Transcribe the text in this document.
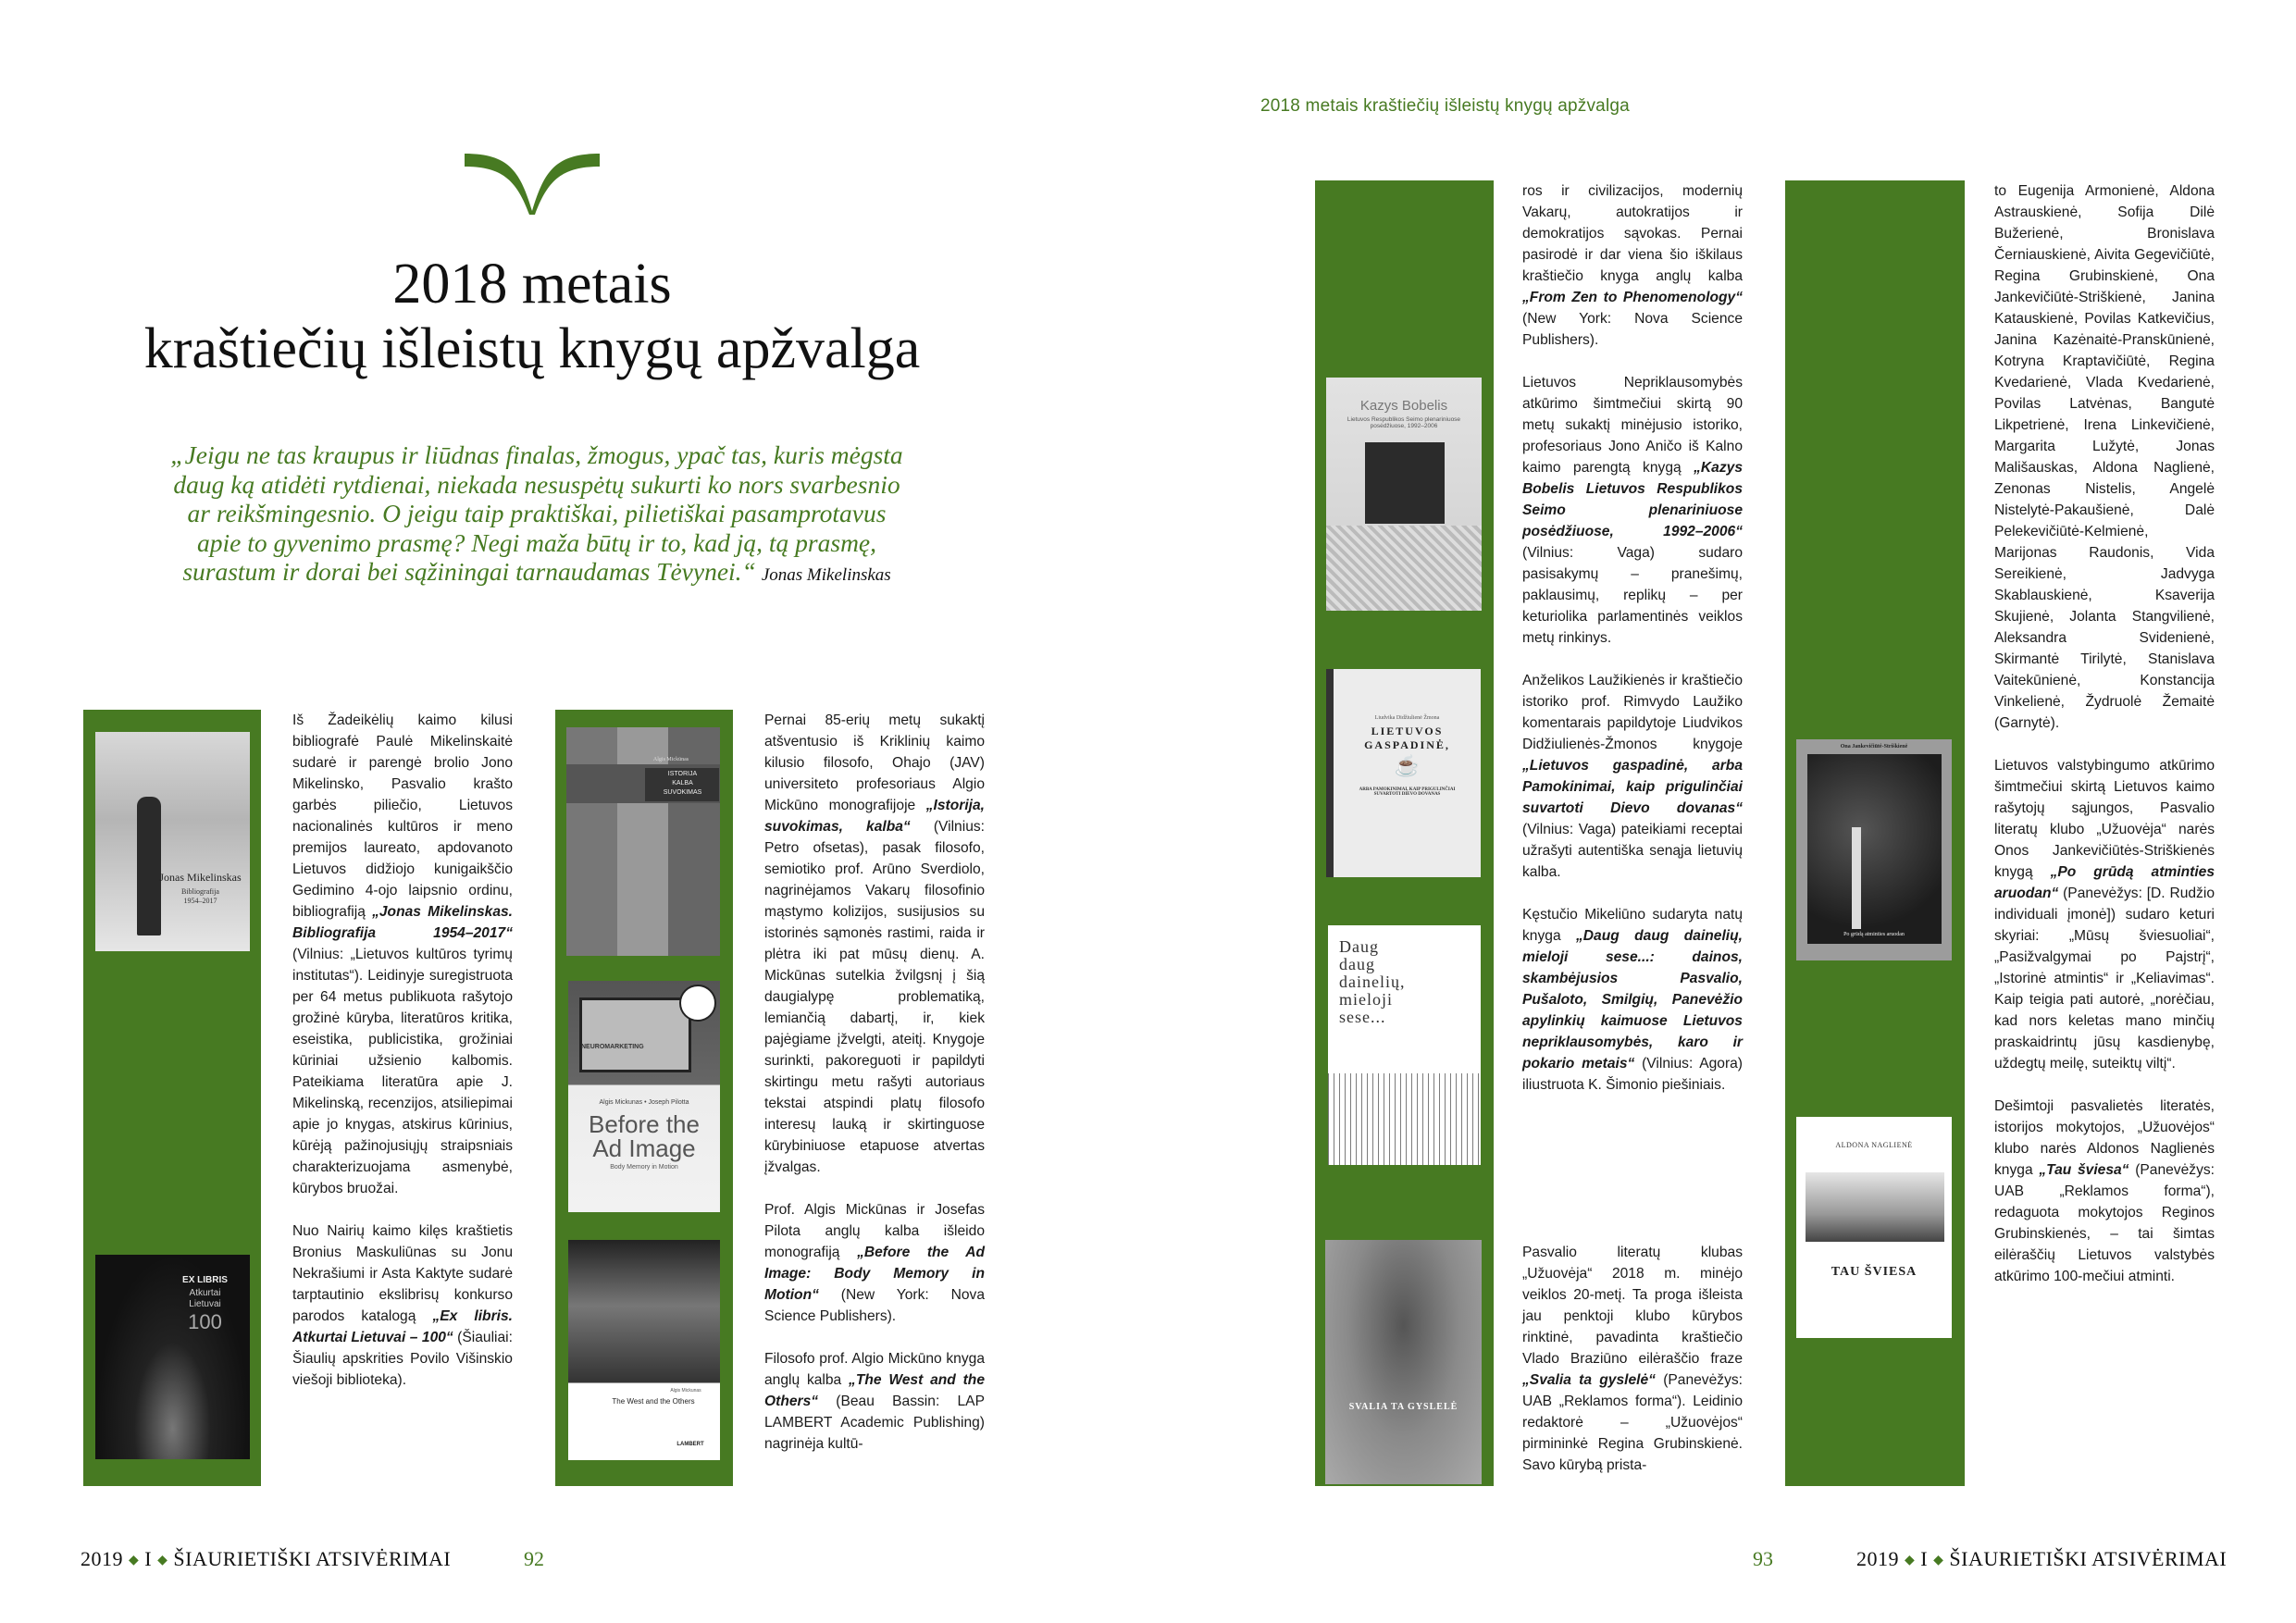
2018 metais
kraštiečių išleistų knygų apžvalga
„Jeigu ne tas kraupus ir liūdnas finalas, žmogus, ypač tas, kuris mėgsta daug ką atidėti rytdienai, niekada nesuspėtų sukurti ko nors svarbesnio ar reikšmingesnio. O jeigu taip praktiškai, pilietiškai pasamprotavus apie to gyvenimo prasmę? Negi maža būtų ir to, kad ją, tą prasmę, surastum ir dorai bei sąžiningai tarnaudamas Tėvynei.“ Jonas Mikelinskas
Jonas Mikelinskas
Bibliografija
1954–2017
EX LIBRIS
Atkurtai
Lietuvai
100
Algis Mickūnas
ISTORIJA
KALBA
SUVOKIMAS
NEUROMARKETING
Algis Mickunas • Joseph Pilotta
Before the
Ad Image
Body Memory in Motion
Algis Mickunas
The West and the Others
LAMBERT

Iš Žadeikėlių kaimo kilusi bibliografė Paulė Mikelinskaitė sudarė ir parengė brolio Jono Mikelinsko, Pasvalio krašto garbės piliečio, Lietuvos nacionalinės kultūros ir meno premijos laureato, apdovanoto Lietuvos didžiojo kunigaikščio Gedimino 4-ojo laipsnio ordinu, bibliografiją „Jonas Mikelinskas. Bibliografija 1954–2017“ (Vilnius: „Lietuvos kultūros tyrimų institutas“). Leidinyje suregistruota per 64 metus publikuota rašytojo grožinė kūryba, literatūros kritika, eseistika, publicistika, grožiniai kūriniai užsienio kalbomis. Pateikiama literatūra apie J. Mikelinską, recenzijos, atsiliepimai apie jo knygas, atskirus kūrinius, kūrėją pažinojusiųjų straipsniais charakterizuojama asmenybė, kūrybos bruožai.

Nuo Nairių kaimo kilęs kraštietis Bronius Maskuliūnas su Jonu Nekrašiumi ir Asta Kaktyte sudarė tarptautinio ekslibrisų konkurso parodos katalogą „Ex libris. Atkurtai Lietuvai – 100“ (Šiauliai: Šiaulių apskrities Povilo Višinskio viešoji biblioteka).

Pernai 85-erių metų sukaktį atšventusio iš Kriklinių kaimo kilusio filosofo, Ohajo (JAV) universiteto profesoriaus Algio Mickūno monografijoje „Istorija, suvokimas, kalba“ (Vilnius: Petro ofsetas), pasak filosofo, semiotiko prof. Arūno Sverdiolo, nagrinėjamos Vakarų filosofinio mąstymo kolizijos, susijusios su istorinės sąmonės rastimi, raida ir plėtra iki pat mūsų dienų. A. Mickūnas sutelkia žvilgsnį į šią daugialypę problematiką, lemiančią dabartį, ir, kiek pajėgiame įžvelgti, ateitį. Knygoje surinkti, pakoreguoti ir papildyti skirtingu metu rašyti autoriaus tekstai atspindi platų filosofo interesų lauką ir skirtinguose kūrybiniuose etapuose atvertas įžvalgas.

Prof. Algis Mickūnas ir Josefas Pilota anglų kalba išleido monografiją „Before the Ad Image: Body Memory in Motion“ (New York: Nova Science Publishers).

Filosofo prof. Algio Mickūno knyga anglų kalba „The West and the Others“ (Beau Bassin: LAP LAMBERT Academic Publishing) nagrinėja kultū-

2019 ◆ I ◆ ŠIAURIETIŠKI ATSIVĖRIMAI	92
2018 metais kraštiečių išleistų knygų apžvalga
Kazys Bobelis
Lietuvos Respublikos Seimo plenariniuose posėdžiuose, 1992–2006
Liudvika Didžiulienė Žmona
LIETUVOS
GASPADINĖ,
☕
ARBA PAMOKINIMAI, KAIP PRIGULINČIAI SUVARTOTI DIEVO DOVANAS
Daug
daug
dainelių,
mieloji
sese...
SVALIA TA GYSLELĖ
Ona Jankevičiūtė-Striškienė
Po grūdą atminties aruodan
ALDONA NAGLIENĖ
TAU ŠVIESA

ros ir civilizacijos, modernių Vakarų, autokratijos ir demokratijos sąvokas. Pernai pasirodė ir dar viena šio iškilaus kraštiečio knyga anglų kalba „From Zen to Phenomenology“ (New York: Nova Science Publishers).

Lietuvos Nepriklausomybės atkūrimo šimtmečiui skirtą 90 metų sukaktį minėjusio istoriko, profesoriaus Jono Aničo iš Kalno kaimo parengtą knygą „Kazys Bobelis Lietuvos Respublikos Seimo plenariniuose posėdžiuose, 1992–2006“ (Vilnius: Vaga) sudaro pasisakymų – pranešimų, paklausimų, replikų – per keturiolika parlamentinės veiklos metų rinkinys.

Anželikos Laužikienės ir kraštiečio istoriko prof. Rimvydo Laužiko komentarais papildytoje Liudvikos Didžiulienės-Žmonos knygoje „Lietuvos gaspadinė, arba Pamokinimai, kaip prigulinčiai suvartoti Dievo dovanas“ (Vilnius: Vaga) pateikiami receptai užrašyti autentiška senąja lietuvių kalba.

Kęstučio Mikeliūno sudaryta natų knyga „Daug daug dainelių, mieloji sese...: dainos, skambėjusios Pasvalio, Pušaloto, Smilgių, Panevėžio apylinkių kaimuose Lietuvos nepriklausomybės, karo ir pokario metais“ (Vilnius: Agora) iliustruota K. Šimonio piešiniais.

Pasvalio literatų klubas „Užuovėja“ 2018 m. minėjo veiklos 20-metį. Ta proga išleista jau penktoji klubo kūrybos rinktinė, pavadinta kraštiečio Vlado Braziūno eilėraščio fraze „Svalia ta gyslelė“ (Panevėžys: UAB „Reklamos forma“). Leidinio redaktorė – „Užuovėjos“ pirmininkė Regina Grubinskienė. Savo kūrybą prista-

to Eugenija Armonienė, Aldona Astrauskienė, Sofija Dilė Bužerienė, Bronislava Černiauskienė, Aivita Gegevičiūtė, Regina Grubinskienė, Ona Jankevičiūtė-Striškienė, Janina Katauskienė, Povilas Katkevičius, Janina Kazėnaitė-Pranskūnienė, Kotryna Kraptavičiūtė, Regina Kvedarienė, Vlada Kvedarienė, Povilas Latvėnas, Bangutė Likpetrienė, Irena Linkevičienė, Margarita Lužytė, Jonas Mališauskas, Aldona Naglienė, Zenonas Nistelis, Angelė Nistelytė-Pakaušienė, Dalė Pelekevičiūtė-Kelmienė, Marijonas Raudonis, Vida Sereikienė, Jadvyga Skablauskienė, Ksaverija Skujienė, Jolanta Stangvilienė, Aleksandra Svidenienė, Skirmantė Tirilytė, Stanislava Vaitekūnienė, Konstancija Vinkelienė, Žydruolė Žemaitė (Garnytė).

Lietuvos valstybingumo atkūrimo šimtmečiui skirtą Lietuvos kaimo rašytojų sąjungos, Pasvalio literatų klubo „Užuovėja“ narės Onos Jankevičiūtės-Striškienės knygą „Po grūdą atminties aruodan“ (Panevėžys: [D. Rudžio individuali įmonė]) sudaro keturi skyriai: „Mūsų šviesuoliai“, „Pasižvalgymai po Pajstrį“, „Istorinė atmintis“ ir „Keliavimas“. Kaip teigia pati autorė, „norėčiau, kad nors keletas mano minčių praskaidrintų jūsų kasdienybę, uždegtų meilę, suteiktų viltį“.

Dešimtoji pasvalietės literatės, istorijos mokytojos, „Užuovėjos“ klubo narės Aldonos Naglienės knyga „Tau šviesa“ (Panevėžys: UAB „Reklamos forma“), redaguota mokytojos Reginos Grubinskienės, – tai šimtas eilėraščių Lietuvos valstybės atkūrimo 100-mečiui atminti.

93	2019 ◆ I ◆ ŠIAURIETIŠKI ATSIVĖRIMAI
